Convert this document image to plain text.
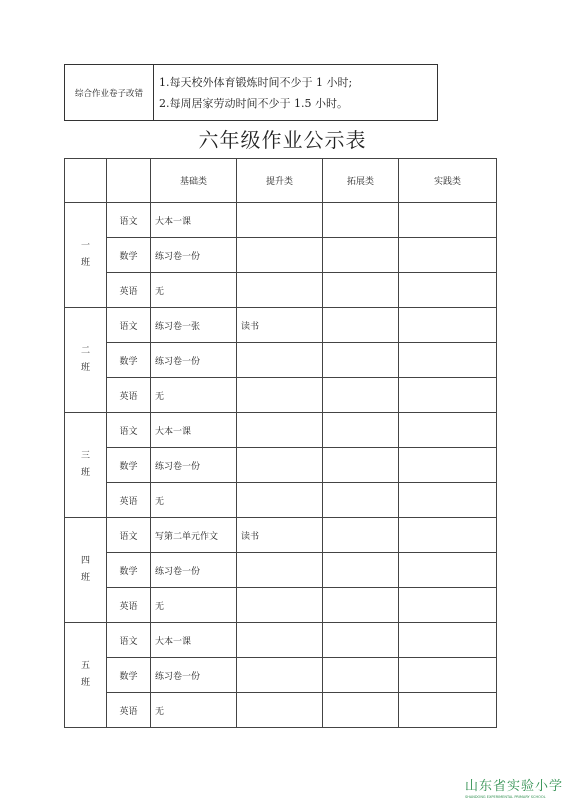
综合作业卷子改错	
1.每天校外体育锻炼时间不少于 1 小时;
2.每周居家劳动时间不少于 1.5 小时。
六年级作业公示表
		基础类	提升类	拓展类	实践类
一
班	语文	大本一课			
	数学	练习卷一份			
	英语	无			
二
班	语文	练习卷一张	读书		
	数学	练习卷一份			
	英语	无			
三
班	语文	大本一课			
	数学	练习卷一份			
	英语	无			
四
班	语文	写第二单元作文	读书		
	数学	练习卷一份			
	英语	无			
五
班	语文	大本一课			
	数学	练习卷一份			
	英语	无			
山东省实验小学
SHANDONG EXPERIMENTAL PRIMARY SCHOOL
